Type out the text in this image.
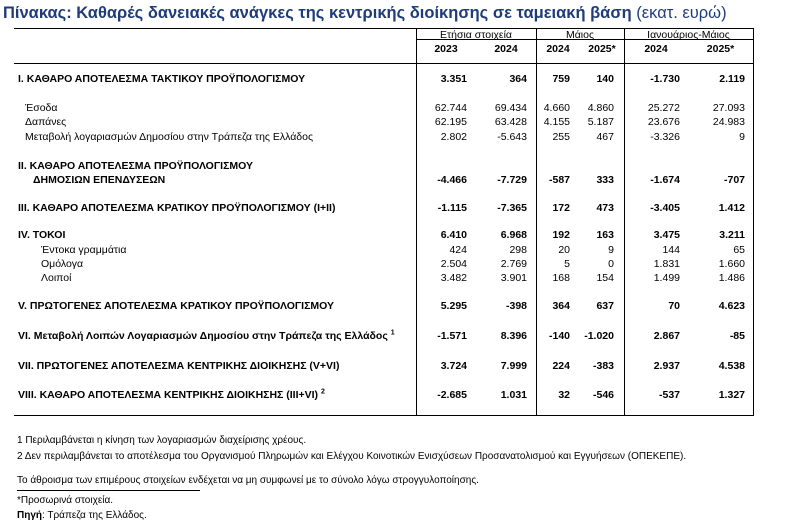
Πίνακας: Καθαρές δανειακές ανάγκες της κεντρικής διοίκησης σε ταμειακή βάση (εκατ. ευρώ)
Ετήσια στοιχεία	Μάιος	Ιανουάριος-Μάιος
2023	2024	2024	2025*	2024	2025*
I. ΚΑΘΑΡΟ ΑΠΟΤΕΛΕΣΜΑ ΤΑΚΤΙΚΟΥ ΠΡΟΫΠΟΛΟΓΙΣΜΟΥ	3.351	364	759	140	-1.730	2.119
Έσοδα	62.744	69.434	4.660	4.860	25.272	27.093
Δαπάνες	62.195	63.428	4.155	5.187	23.676	24.983
Μεταβολή λογαριασμών Δημοσίου στην Τράπεζα της Ελλάδος	2.802	-5.643	255	467	-3.326	9
II. ΚΑΘΑΡΟ ΑΠΟΤΕΛΕΣΜΑ ΠΡΟΫΠΟΛΟΓΙΣΜΟΥ
ΔΗΜΟΣΙΩΝ ΕΠΕΝΔΥΣΕΩΝ	-4.466	-7.729	-587	333	-1.674	-707
III. ΚΑΘΑΡΟ ΑΠΟΤΕΛΕΣΜΑ ΚΡΑΤΙΚΟΥ ΠΡΟΫΠΟΛΟΓΙΣΜΟΥ (I+II)	-1.115	-7.365	172	473	-3.405	1.412
IV. ΤΟΚΟΙ	6.410	6.968	192	163	3.475	3.211
Έντοκα γραμμάτια	424	298	20	9	144	65
Ομόλογα	2.504	2.769	5	0	1.831	1.660
Λοιποί	3.482	3.901	168	154	1.499	1.486
V. ΠΡΩΤΟΓΕΝΕΣ ΑΠΟΤΕΛΕΣΜΑ ΚΡΑΤΙΚΟΥ ΠΡΟΫΠΟΛΟΓΙΣΜΟΥ	5.295	-398	364	637	70	4.623
VI. Μεταβολή Λοιπών Λογαριασμών Δημοσίου στην Τράπεζα της Ελλάδος $^1$	-1.571	8.396	-140	-1.020	2.867	-85
VII. ΠΡΩΤΟΓΕΝΕΣ ΑΠΟΤΕΛΕΣΜΑ ΚΕΝΤΡΙΚΗΣ ΔΙΟΙΚΗΣΗΣ (V+VI)	3.724	7.999	224	-383	2.937	4.538
VIII. ΚΑΘΑΡΟ ΑΠΟΤΕΛΕΣΜΑ ΚΕΝΤΡΙΚΗΣ ΔΙΟΙΚΗΣΗΣ (III+VI) $^2$	-2.685	1.031	32	-546	-537	1.327
1 Περιλαμβάνεται η κίνηση των λογαριασμών διαχείρισης χρέους.
2 Δεν περιλαμβάνεται το αποτέλεσμα του Οργανισμού Πληρωμών και Ελέγχου Κοινοτικών Ενισχύσεων Προσανατολισμού και Εγγυήσεων (ΟΠΕΚΕΠΕ).
Το άθροισμα των επιμέρους στοιχείων ενδέχεται να μη συμφωνεί με το σύνολο λόγω στρογγυλοποίησης.
*Προσωρινά στοιχεία.
Πηγή: Τράπεζα της Ελλάδος.
